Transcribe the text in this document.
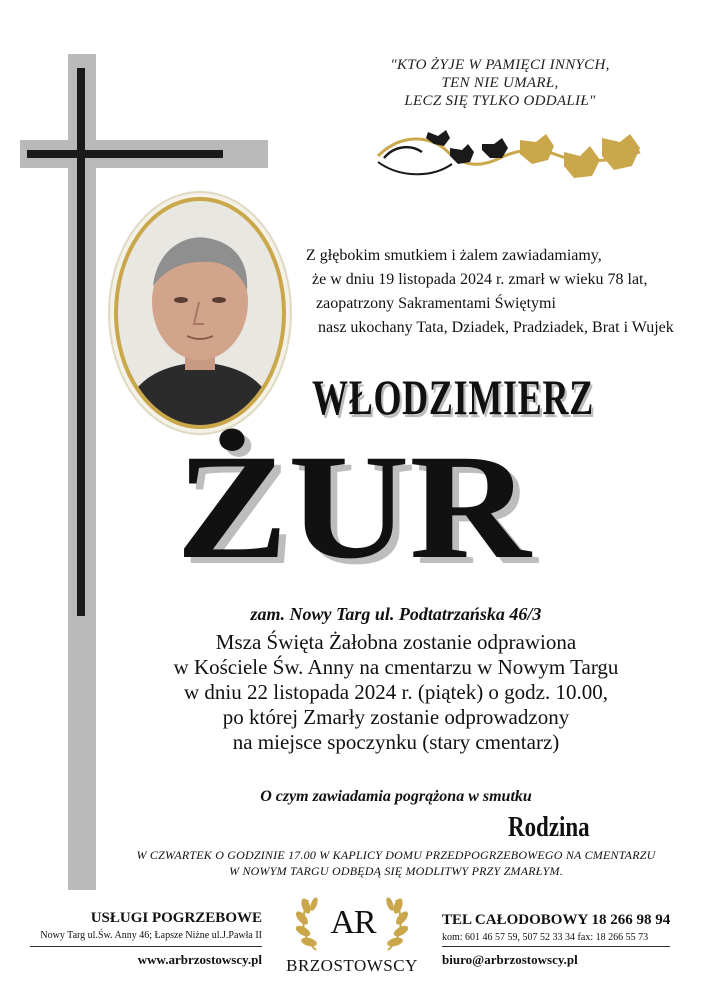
"KTO ŻYJE W PAMIĘCI INNYCH,
TEN NIE UMARŁ,
LECZ SIĘ TYLKO ODDALIŁ"
Z głębokim smutkiem i żalem zawiadamiamy,
że w dniu 19 listopada 2024 r. zmarł w wieku 78 lat,
zaopatrzony Sakramentami Świętymi
nasz ukochany Tata, Dziadek, Pradziadek, Brat i Wujek
WŁODZIMIERZ
ŻUR
zam. Nowy Targ ul. Podtatrzańska 46/3
Msza Święta Żałobna zostanie odprawiona
w Kościele Św. Anny na cmentarzu w Nowym Targu
w dniu 22 listopada 2024 r. (piątek) o godz. 10.00,
po której Zmarły zostanie odprowadzony
na miejsce spoczynku (stary cmentarz)
O czym zawiadamia pogrążona w smutku
Rodzina
W CZWARTEK O GODZINIE 17.00 W KAPLICY DOMU PRZEDPOGRZEBOWEGO NA CMENTARZU
W NOWYM TARGU ODBĘDĄ SIĘ MODLITWY PRZY ZMARŁYM.
USŁUGI POGRZEBOWE
Nowy Targ ul.Św. Anny 46; Łapsze Niżne ul.J.Pawła II
www.arbrzostowscy.pl
AR
BRZOSTOWSCY
TEL CAŁODOBOWY 18 266 98 94
kom: 601 46 57 59, 507 52 33 34 fax: 18 266 55 73
biuro@arbrzostowscy.pl
